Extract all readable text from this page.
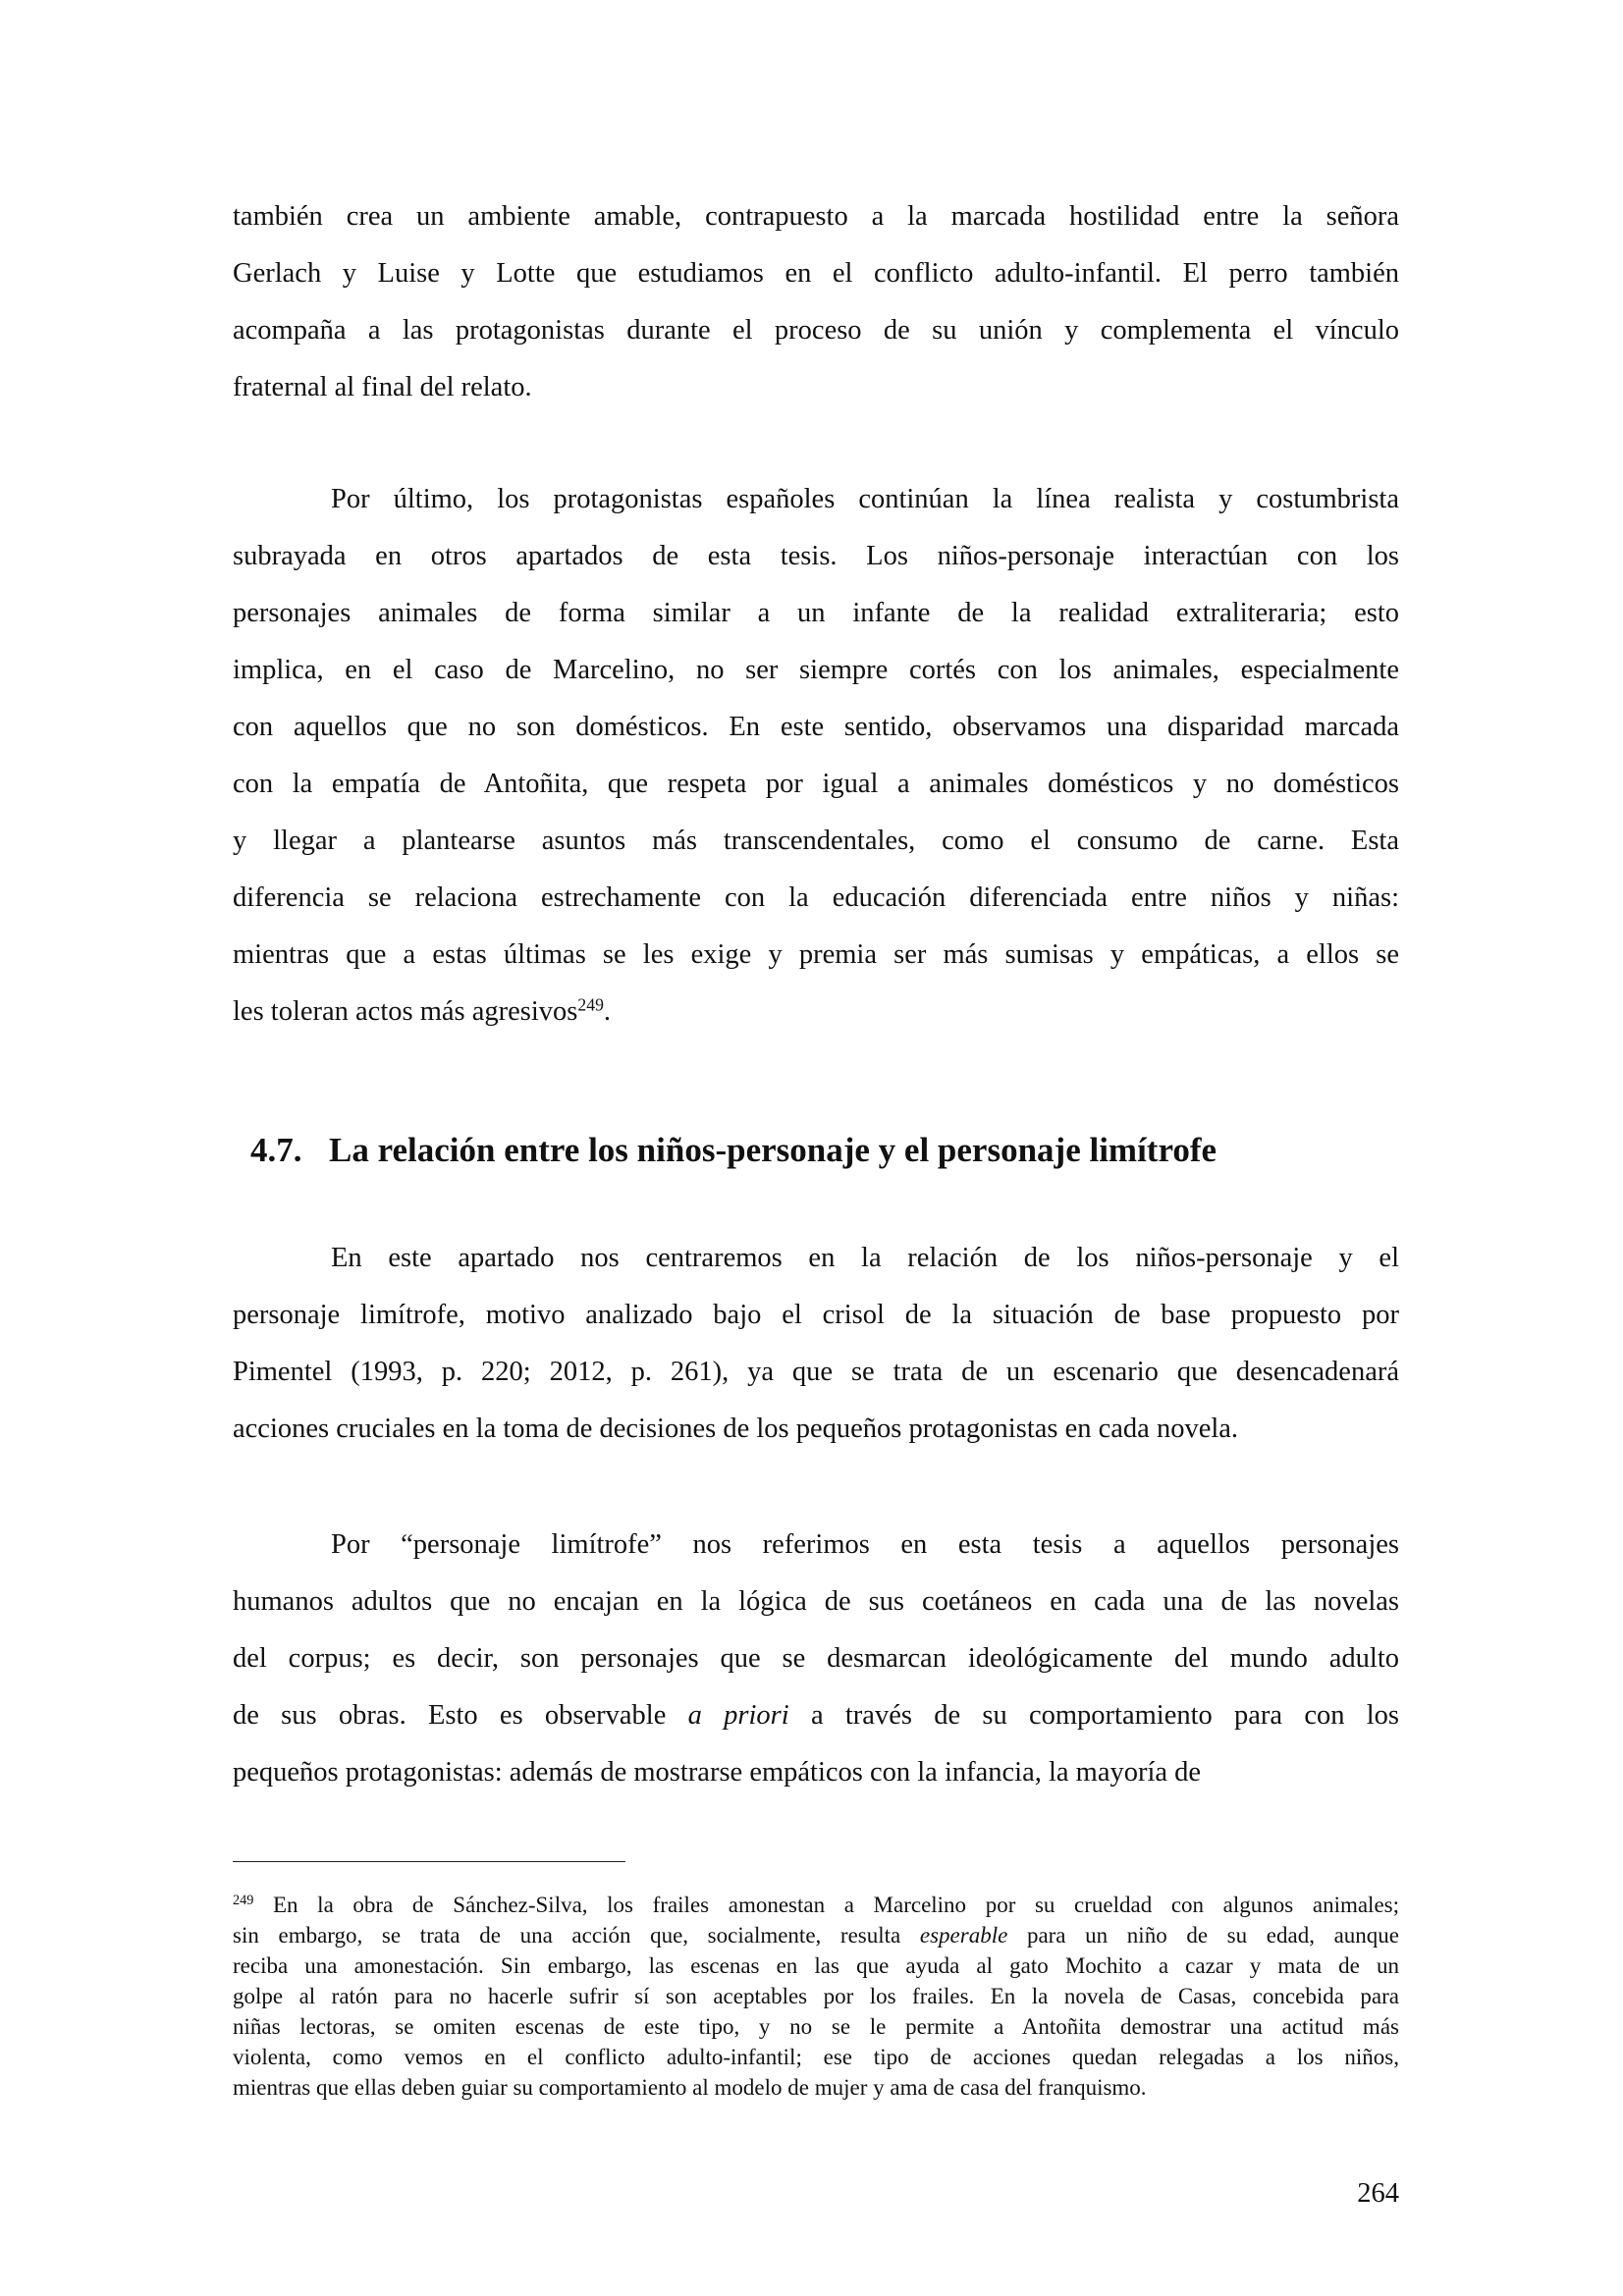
también crea un ambiente amable, contrapuesto a la marcada hostilidad entre la señora
Gerlach y Luise y Lotte que estudiamos en el conflicto adulto-infantil. El perro también
acompaña a las protagonistas durante el proceso de su unión y complementa el vínculo
fraternal al final del relato.
Por último, los protagonistas españoles continúan la línea realista y costumbrista
subrayada en otros apartados de esta tesis. Los niños-personaje interactúan con los
personajes animales de forma similar a un infante de la realidad extraliteraria; esto
implica, en el caso de Marcelino, no ser siempre cortés con los animales, especialmente
con aquellos que no son domésticos. En este sentido, observamos una disparidad marcada
con la empatía de Antoñita, que respeta por igual a animales domésticos y no domésticos
y llegar a plantearse asuntos más transcendentales, como el consumo de carne. Esta
diferencia se relaciona estrechamente con la educación diferenciada entre niños y niñas:
mientras que a estas últimas se les exige y premia ser más sumisas y empáticas, a ellos se
les toleran actos más agresivos$^{249}$.
4.7. La relación entre los niños-personaje y el personaje limítrofe
En este apartado nos centraremos en la relación de los niños-personaje y el
personaje limítrofe, motivo analizado bajo el crisol de la situación de base propuesto por
Pimentel (1993, p. 220; 2012, p. 261), ya que se trata de un escenario que desencadenará
acciones cruciales en la toma de decisiones de los pequeños protagonistas en cada novela.
Por “personaje limítrofe” nos referimos en esta tesis a aquellos personajes
humanos adultos que no encajan en la lógica de sus coetáneos en cada una de las novelas
del corpus; es decir, son personajes que se desmarcan ideológicamente del mundo adulto
de sus obras. Esto es observable a priori a través de su comportamiento para con los
pequeños protagonistas: además de mostrarse empáticos con la infancia, la mayoría de
$^{249}$ En la obra de Sánchez-Silva, los frailes amonestan a Marcelino por su crueldad con algunos animales;
sin embargo, se trata de una acción que, socialmente, resulta esperable para un niño de su edad, aunque
reciba una amonestación. Sin embargo, las escenas en las que ayuda al gato Mochito a cazar y mata de un
golpe al ratón para no hacerle sufrir sí son aceptables por los frailes. En la novela de Casas, concebida para
niñas lectoras, se omiten escenas de este tipo, y no se le permite a Antoñita demostrar una actitud más
violenta, como vemos en el conflicto adulto-infantil; ese tipo de acciones quedan relegadas a los niños,
mientras que ellas deben guiar su comportamiento al modelo de mujer y ama de casa del franquismo.
264
